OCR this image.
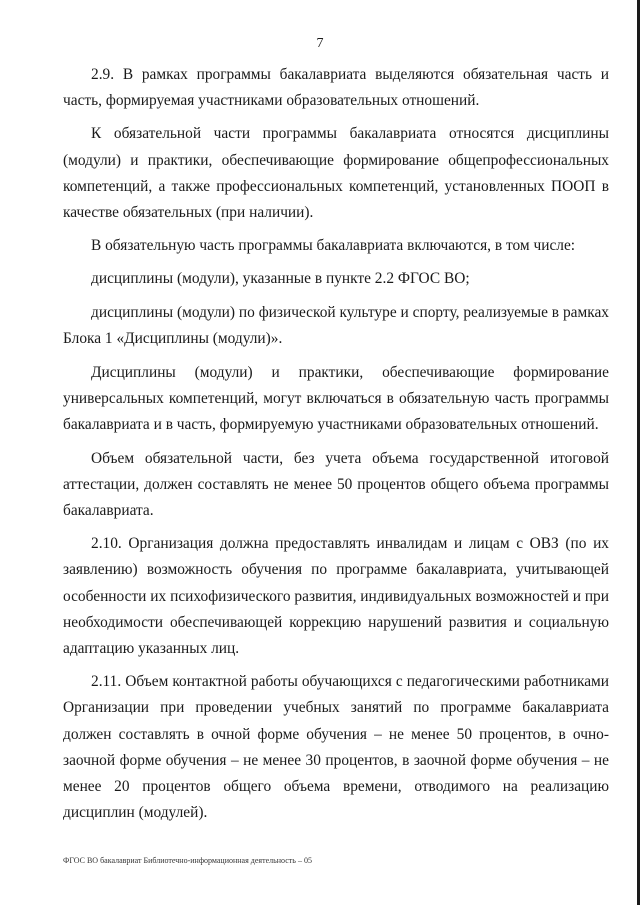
7

2.9. В рамках программы бакалавриата выделяются обязательная часть и часть, формируемая участниками образовательных отношений.

К обязательной части программы бакалавриата относятся дисциплины (модули) и практики, обеспечивающие формирование общепрофессиональных компетенций, а также профессиональных компетенций, установленных ПООП в качестве обязательных (при наличии).

В обязательную часть программы бакалавриата включаются, в том числе:

дисциплины (модули), указанные в пункте 2.2 ФГОС ВО;

дисциплины (модули) по физической культуре и спорту, реализуемые в рамках Блока 1 «Дисциплины (модули)».

Дисциплины (модули) и практики, обеспечивающие формирование универсальных компетенций, могут включаться в обязательную часть программы бакалавриата и в часть, формируемую участниками образовательных отношений.

Объем обязательной части, без учета объема государственной итоговой аттестации, должен составлять не менее 50 процентов общего объема программы бакалавриата.

2.10. Организация должна предоставлять инвалидам и лицам с ОВЗ (по их заявлению) возможность обучения по программе бакалавриата, учитывающей особенности их психофизического развития, индивидуальных возможностей и при необходимости обеспечивающей коррекцию нарушений развития и социальную адаптацию указанных лиц.

2.11. Объем контактной работы обучающихся с педагогическими работниками Организации при проведении учебных занятий по программе бакалавриата должен составлять в очной форме обучения – не менее 50 процентов, в очно-заочной форме обучения – не менее 30 процентов, в заочной форме обучения – не менее 20 процентов общего объема времени, отводимого на реализацию дисциплин (модулей).

ФГОС ВО бакалавриат Библиотечно-информационная деятельность – 05
